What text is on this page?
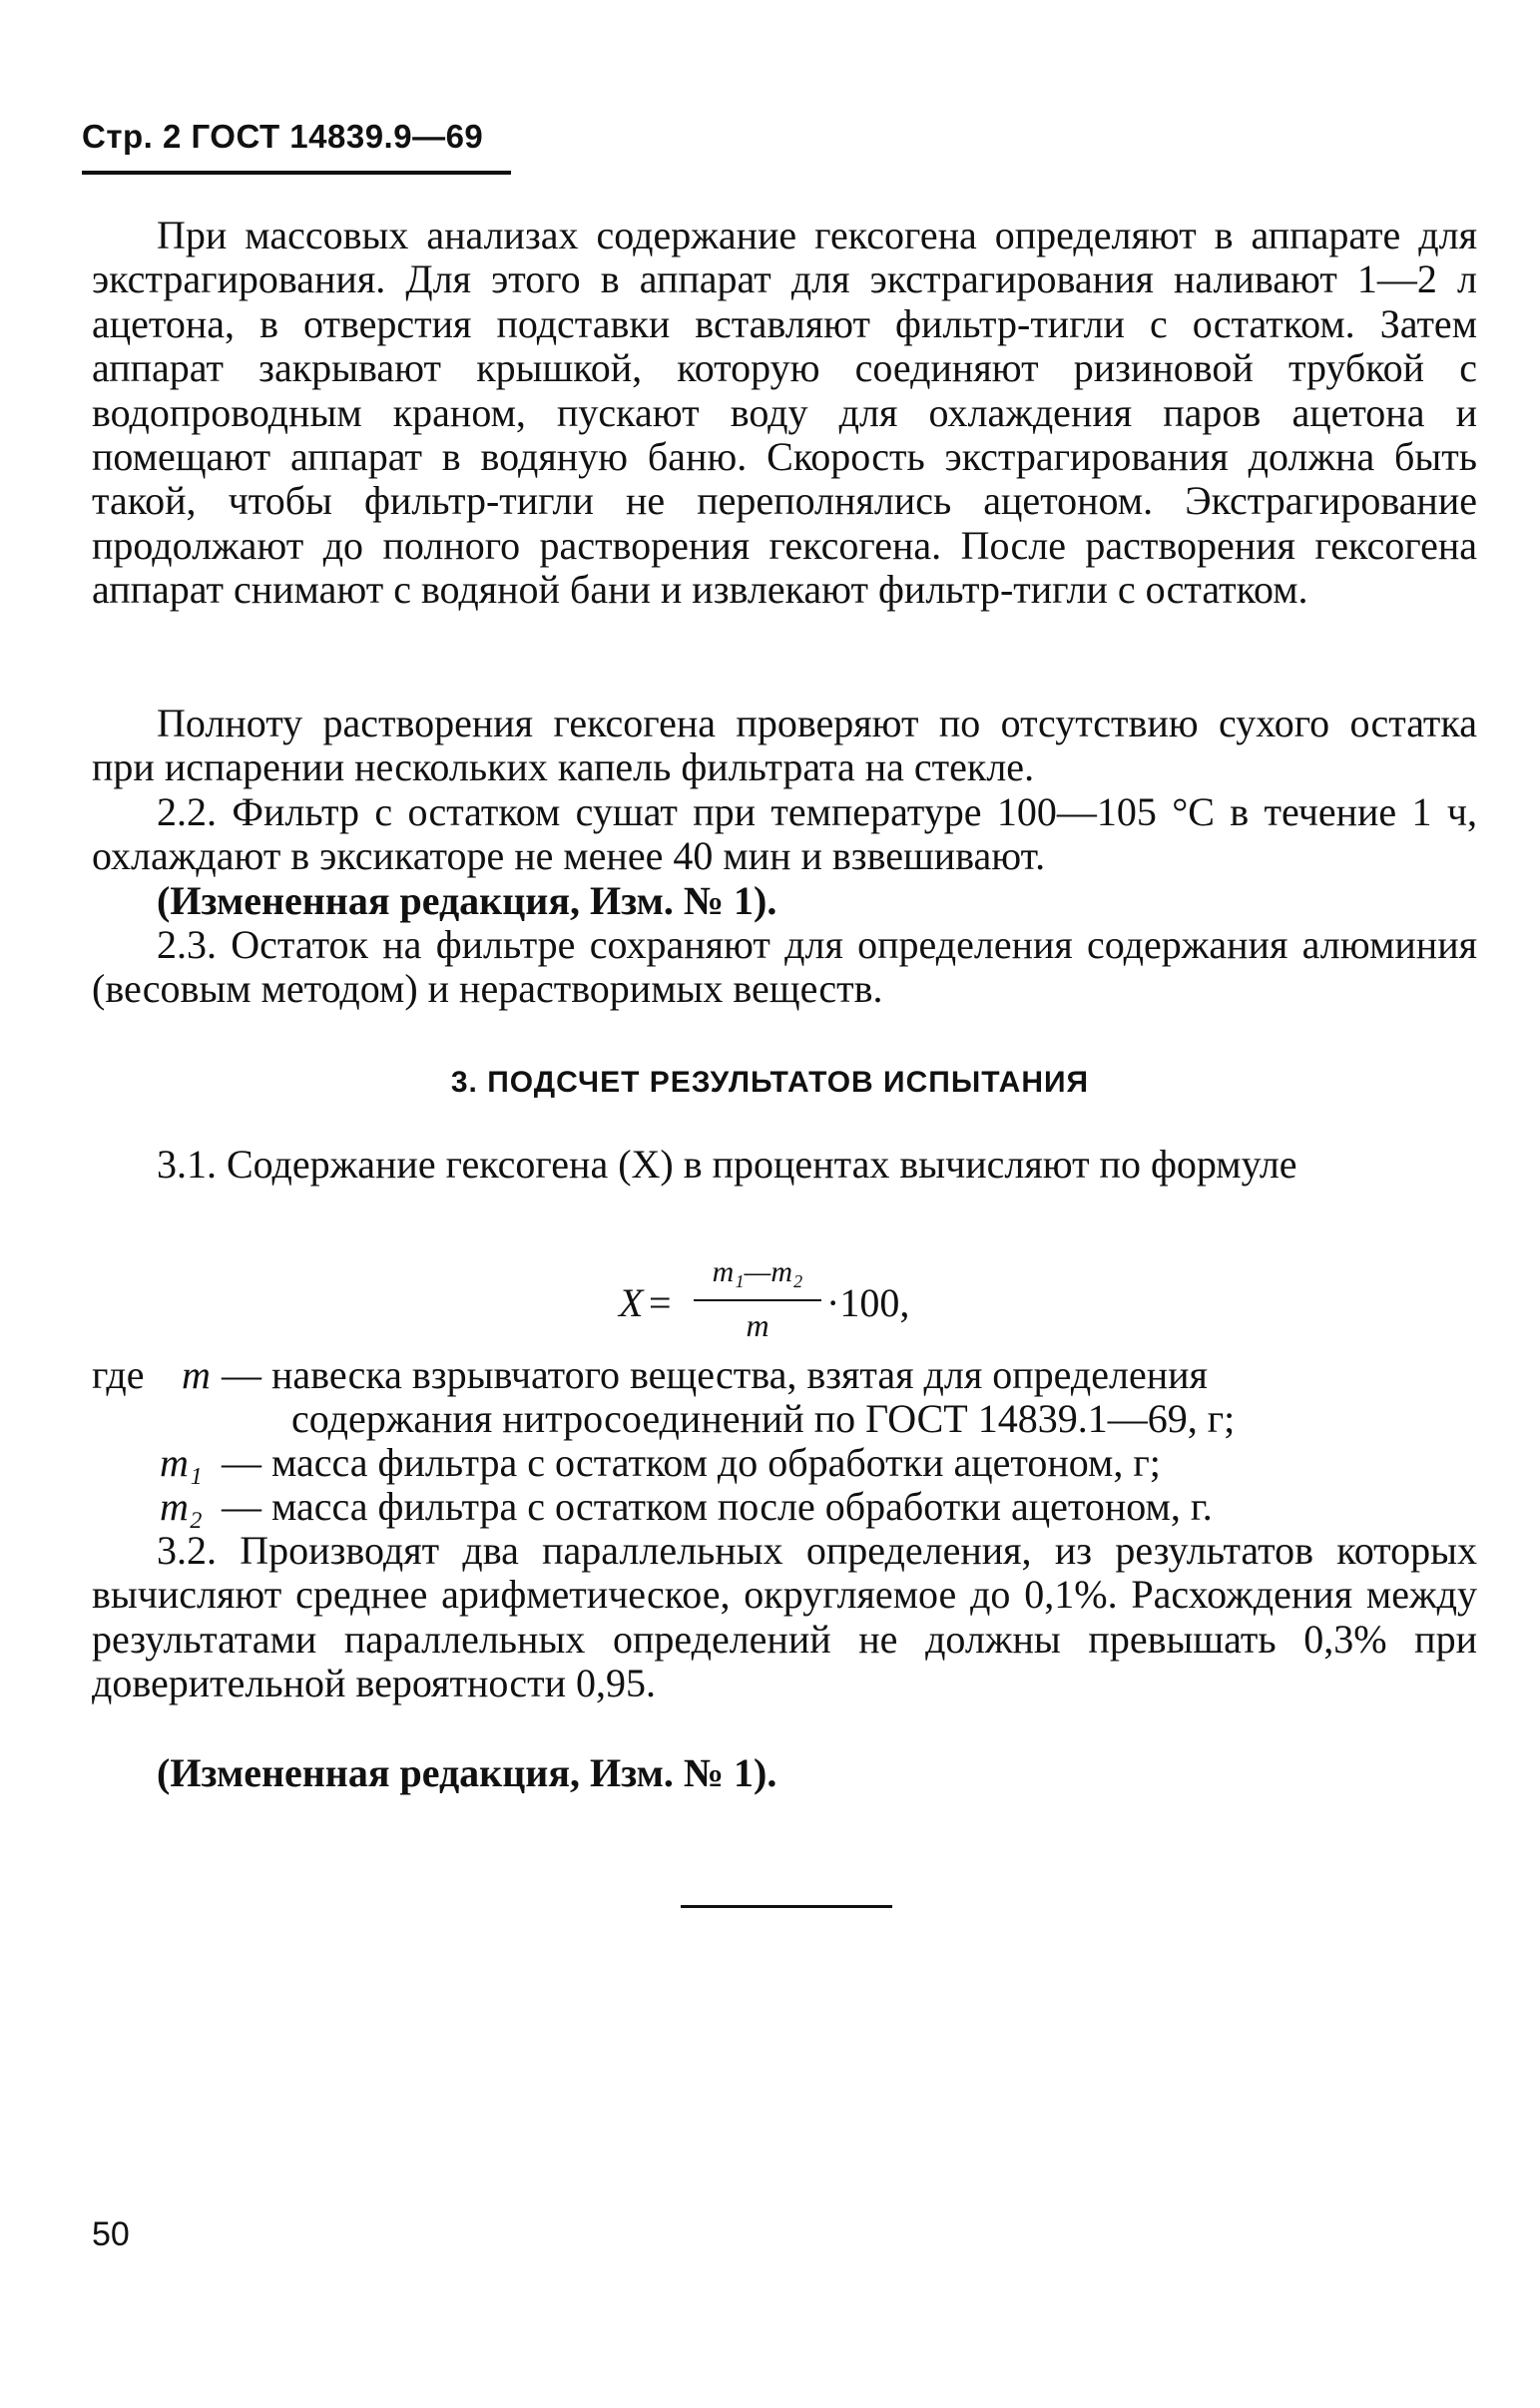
Стр. 2 ГОСТ 14839.9—69
При массовых анализах содержание гексогена определяют в аппарате для экстрагирования. Для этого в аппарат для экстрагирования наливают 1—2 л ацетона, в отверстия подставки вставляют фильтр-тигли с остатком. Затем аппарат закрывают крышкой, которую соединяют ризиновой трубкой с водопроводным краном, пускают воду для охлаждения паров ацетона и помещают аппарат в водяную баню. Скорость экстрагирования должна быть такой, чтобы фильтр-тигли не переполнялись ацетоном. Экстрагирование продолжают до полного растворения гексогена. После растворения гексогена аппарат снимают с водяной бани и извлекают фильтр-тигли с остатком.
Полноту растворения гексогена проверяют по отсутствию сухого остатка при испарении нескольких капель фильтрата на стекле.
2.2. Фильтр с остатком сушат при температуре 100—105 °С в течение 1 ч, охлаждают в эксикаторе не менее 40 мин и взвешивают.
(Измененная редакция, Изм. № 1).
2.3. Остаток на фильтре сохраняют для определения содержания алюминия (весовым методом) и нерастворимых веществ.
3. ПОДСЧЕТ РЕЗУЛЬТАТОВ ИСПЫТАНИЯ
3.1. Содержание гексогена (X) в процентах вычисляют по формуле
X =
m₁—m₂
m	·100,
где m — навеска взрывчатого вещества, взятая для определения
содержания нитросоединений по ГОСТ 14839.1—69, г;
m₁ — масса фильтра с остатком до обработки ацетоном, г;
m₂ — масса фильтра с остатком после обработки ацетоном, г.
3.2. Производят два параллельных определения, из результатов которых вычисляют среднее арифметическое, округляемое до 0,1%. Расхождения между результатами параллельных определений не должны превышать 0,3% при доверительной вероятности 0,95.
(Измененная редакция, Изм. № 1).
50
